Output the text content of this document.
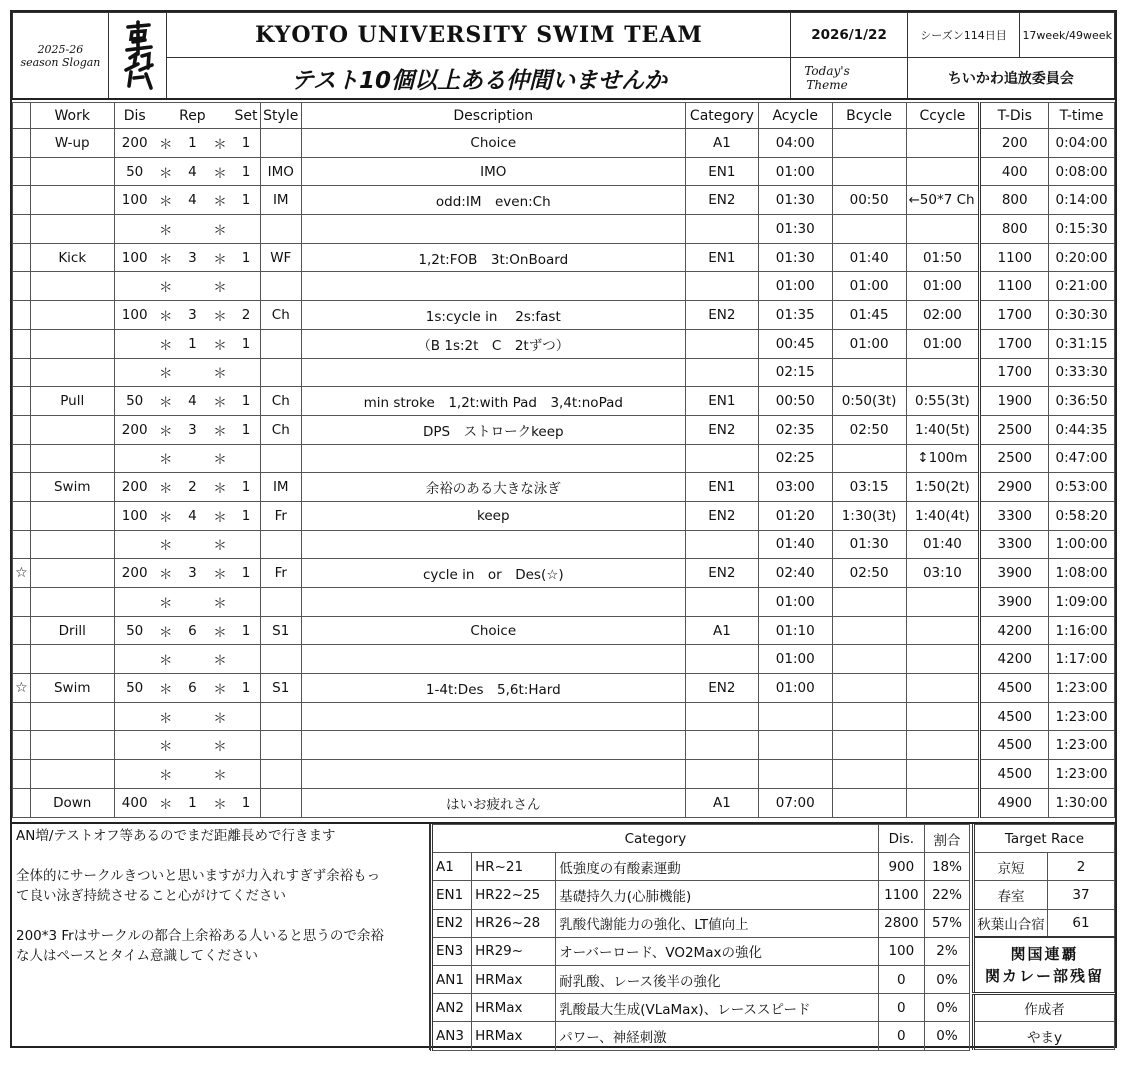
2025-26
season Slogan		KYOTO UNIVERSITY SWIM TEAM	2026/1/22	シーズン114日目	17week/49week
		テスト10個以上ある仲間いませんか	Today's Theme	ちいかわ追放委員会	
	Work	Dis		Rep		Set	Style	Description	Category	Acycle	Bcycle	Ccycle	T-Dis	T-time
	W-up	200	＊	1	＊	1		Choice	A1	04:00			200	0:04:00
		50	＊	4	＊	1	IMO	IMO	EN1	01:00			400	0:08:00
		100	＊	4	＊	1	IM	odd:IM　even:Ch	EN2	01:30	00:50	←50*7 Ch	800	0:14:00
			＊		＊					01:30			800	0:15:30
	Kick	100	＊	3	＊	1	WF	1,2t:FOB　3t:OnBoard	EN1	01:30	01:40	01:50	1100	0:20:00
			＊		＊					01:00	01:00	01:00	1100	0:21:00
		100	＊	3	＊	2	Ch	1s:cycle in　 2s:fast	EN2	01:35	01:45	02:00	1700	0:30:30
			＊	1	＊	1		（B 1s:2t　C　2tずつ）		00:45	01:00	01:00	1700	0:31:15
			＊		＊					02:15			1700	0:33:30
	Pull	50	＊	4	＊	1	Ch	min stroke　1,2t:with Pad　3,4t:noPad	EN1	00:50	0:50(3t)	0:55(3t)	1900	0:36:50
		200	＊	3	＊	1	Ch	DPS　ストロークkeep	EN2	02:35	02:50	1:40(5t)	2500	0:44:35
			＊		＊					02:25		↕100m	2500	0:47:00
	Swim	200	＊	2	＊	1	IM	余裕のある大きな泳ぎ	EN1	03:00	03:15	1:50(2t)	2900	0:53:00
		100	＊	4	＊	1	Fr	keep	EN2	01:20	1:30(3t)	1:40(4t)	3300	0:58:20
			＊		＊					01:40	01:30	01:40	3300	1:00:00
☆		200	＊	3	＊	1	Fr	cycle in　or　Des(☆)	EN2	02:40	02:50	03:10	3900	1:08:00
			＊		＊					01:00			3900	1:09:00
	Drill	50	＊	6	＊	1	S1	Choice	A1	01:10			4200	1:16:00
			＊		＊					01:00			4200	1:17:00
☆	Swim	50	＊	6	＊	1	S1	1-4t:Des　5,6t:Hard	EN2	01:00			4500	1:23:00
			＊		＊								4500	1:23:00
			＊		＊								4500	1:23:00
			＊		＊								4500	1:23:00
	Down	400	＊	1	＊	1		はいお疲れさん	A1	07:00			4900	1:30:00

AN増/テストオフ等あるのでまだ距離長めで行きます

全体的にサークルきついと思いますが力入れすぎず余裕もっ

て良い泳ぎ持続させること心がけてください

200*3 Frはサークルの都合上余裕ある人いると思うので余裕

な人はペースとタイム意識してください

Category			Dis.	割合
A1	HR~21	低強度の有酸素運動	900	18%
EN1	HR22~25	基礎持久力(心肺機能)	1100	22%
EN2	HR26~28	乳酸代謝能力の強化、LT値向上	2800	57%
EN3	HR29~	オーバーロード、VO2Maxの強化	100	2%
AN1	HRMax	耐乳酸、レース後半の強化	0	0%
AN2	HRMax	乳酸最大生成(VLaMax)、レーススピード	0	0%
AN3	HRMax	パワー、神経刺激	0	0%
Target Race	
京短	2
春室	37
秋葉山合宿	61

関国連覇
関カレー部残留	

作成者	
やまy	
